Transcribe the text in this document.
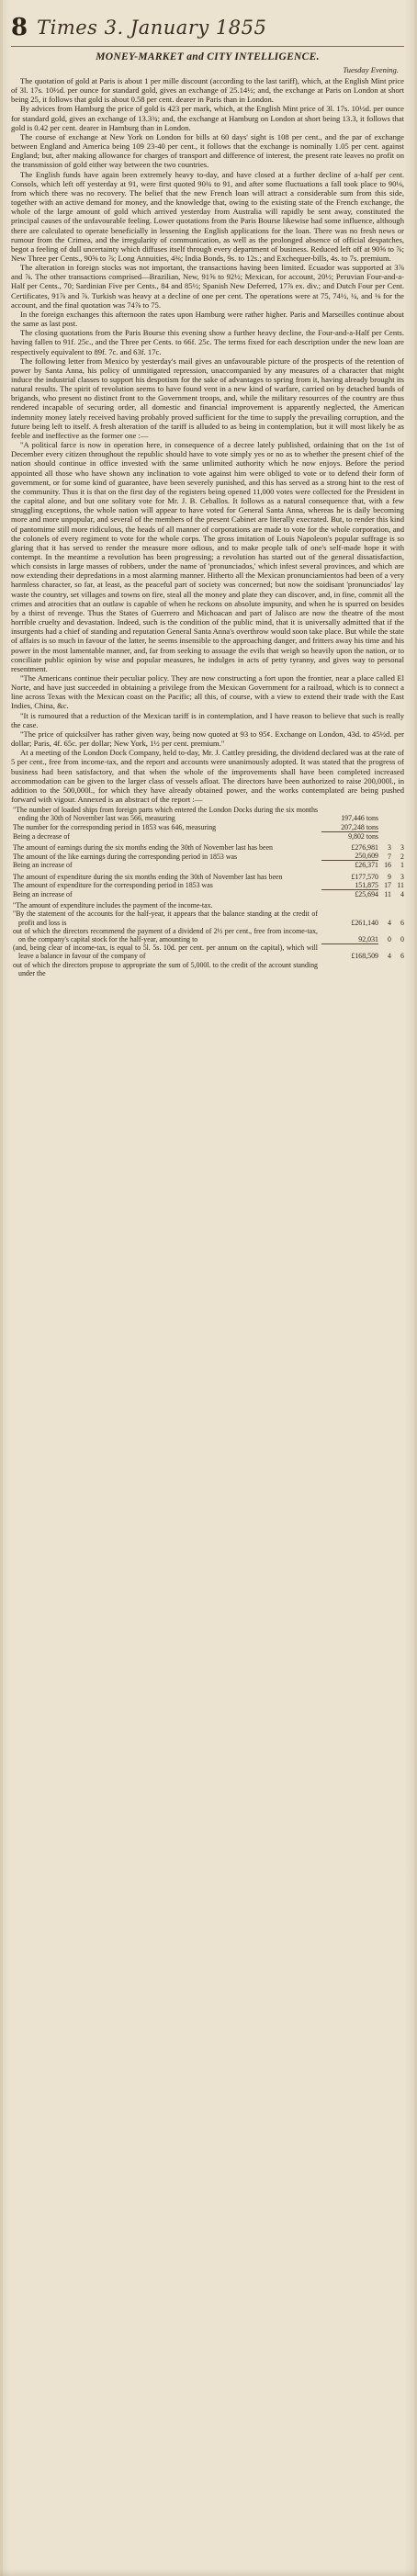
8 Times 3. January 1855
MONEY-MARKET and CITY INTELLIGENCE.
Tuesday Evening.

The quotation of gold at Paris is about 1 per mille discount (according to the last tariff), which, at the English Mint price of 3l. 17s. 10½d. per ounce for standard gold, gives an exchange of 25.14½; and, the exchange at Paris on London at short being 25, it follows that gold is about 0.58 per cent. dearer in Paris than in London.

By advices from Hamburg the price of gold is 423 per mark, which, at the English Mint price of 3l. 17s. 10½d. per ounce for standard gold, gives an exchange of 13.3¾; and, the exchange at Hamburg on London at short being 13.3, it follows that gold is 0.42 per cent. dearer in Hamburg than in London.

The course of exchange at New York on London for bills at 60 days' sight is 108 per cent., and the par of exchange between England and America being 109 23-40 per cent., it follows that the exchange is nominally 1.05 per cent. against England; but, after making allowance for charges of transport and difference of interest, the present rate leaves no profit on the transmission of gold either way between the two countries.

The English funds have again been extremely heavy to-day, and have closed at a further decline of a-half per cent. Consols, which left off yesterday at 91, were first quoted 90¾ to 91, and after some fluctuations a fall took place to 90⅛, from which there was no recovery. The belief that the new French loan will attract a considerable sum from this side, together with an active demand for money, and the knowledge that, owing to the existing state of the French exchange, the whole of the large amount of gold which arrived yesterday from Australia will rapidly be sent away, constituted the principal causes of the unfavourable feeling. Lower quotations from the Paris Bourse likewise had some influence, although there are calculated to operate beneficially in lessening the English applications for the loan. There was no fresh news or rumour from the Crimea, and the irregularity of communication, as well as the prolonged absence of official despatches, begot a feeling of dull uncertainty which diffuses itself through every department of business. Reduced left off at 90⅝ to ⅞; New Three per Cents., 90⅝ to ⅞; Long Annuities, 4⅜; India Bonds, 9s. to 12s.; and Exchequer-bills, 4s. to 7s. premium.

The alteration in foreign stocks was not important, the transactions having been limited. Ecuador was supported at 3⅞ and ⅞. The other transactions comprised—Brazilian, New, 91⅝ to 92½; Mexican, for account, 20½; Peruvian Four-and-a-Half per Cents., 70; Sardinian Five per Cents., 84 and 85½; Spanish New Deferred, 17⅞ ex. div.; and Dutch Four per Cent. Certificates, 91⅞ and ⅞. Turkish was heavy at a decline of one per cent. The operations were at 75, 74½, ¼, and ⅛ for the account, and the final quotation was 74⅞ to 75.

In the foreign exchanges this afternoon the rates upon Hamburg were rather higher. Paris and Marseilles continue about the same as last post.

The closing quotations from the Paris Bourse this evening show a further heavy decline, the Four-and-a-Half per Cents. having fallen to 91f. 25c., and the Three per Cents. to 66f. 25c. The terms fixed for each description under the new loan are respectively equivalent to 89f. 7c. and 63f. 17c.

The following letter from Mexico by yesterday's mail gives an unfavourable picture of the prospects of the retention of power by Santa Anna, his policy of unmitigated repression, unaccompanied by any measures of a character that might induce the industrial classes to support his despotism for the sake of advantages to spring from it, having already brought its natural results. The spirit of revolution seems to have found vent in a new kind of warfare, carried on by detached bands of brigands, who present no distinct front to the Government troops, and, while the military resources of the country are thus rendered incapable of securing order, all domestic and financial improvement is apparently neglected, the American indemnity money lately received having probably proved sufficient for the time to supply the prevailing corruption, and the future being left to itself. A fresh alteration of the tariff is alluded to as being in contemplation, but it will most likely be as feeble and ineffective as the former one :—

"A political farce is now in operation here, in consequence of a decree lately published, ordaining that on the 1st of December every citizen throughout the republic should have to vote simply yes or no as to whether the present chief of the nation should continue in office invested with the same unlimited authority which he now enjoys. Before the period appointed all those who have shown any inclination to vote against him were obliged to vote or to defend their form of government, or for some kind of guarantee, have been severely punished, and this has served as a strong hint to the rest of the community. Thus it is that on the first day of the registers being opened 11,000 votes were collected for the President in the capital alone, and but one solitary vote for Mr. J. B. Ceballos. It follows as a natural consequence that, with a few struggling exceptions, the whole nation will appear to have voted for General Santa Anna, whereas he is daily becoming more and more unpopular, and several of the members of the present Cabinet are literally execrated. But, to render this kind of pantomime still more ridiculous, the heads of all manner of corporations are made to vote for the whole corporation, and the colonels of every regiment to vote for the whole corps. The gross imitation of Louis Napoleon's popular suffrage is so glaring that it has served to render the measure more odious, and to make people talk of one's self-made hope it with contempt. In the meantime a revolution has been progressing; a revolution has started out of the general dissatisfaction, which consists in large masses of robbers, under the name of 'pronunciados,' which infest several provinces, and which are now extending their depredations in a most alarming manner. Hitherto all the Mexican pronunciamientos had been of a very harmless character, so far, at least, as the peaceful part of society was concerned; but now the soidisant 'pronunciados' lay waste the country, set villages and towns on fire, steal all the money and plate they can discover, and, in fine, commit all the crimes and atrocities that an outlaw is capable of when he reckons on absolute impunity, and when he is spurred on besides by a thirst of revenge. Thus the States of Guerrero and Michoacan and part of Jalisco are now the theatre of the most horrible cruelty and devastation. Indeed, such is the condition of the public mind, that it is universally admitted that if the insurgents had a chief of standing and reputation General Santa Anna's overthrow would soon take place. But while the state of affairs is so much in favour of the latter, he seems insensible to the approaching danger, and fritters away his time and his power in the most lamentable manner, and, far from seeking to assuage the evils that weigh so heavily upon the nation, or to conciliate public opinion by wise and popular measures, he indulges in acts of petty tyranny, and gives way to personal resentment.

"The Americans continue their peculiar policy. They are now constructing a fort upon the frontier, near a place called El Norte, and have just succeeded in obtaining a privilege from the Mexican Government for a railroad, which is to connect a line across Texas with the Mexican coast on the Pacific; all this, of course, with a view to extend their trade with the East Indies, China, &c.

"It is rumoured that a reduction of the Mexican tariff is in contemplation, and I have reason to believe that such is really the case.

"The price of quicksilver has rather given way, being now quoted at 93 to 95¢. Exchange on London, 43d. to 45½d. per dollar; Paris, 4f. 65c. per dollar; New York, 1½ per cent. premium."

At a meeting of the London Dock Company, held to-day, Mr. J. Cattley presiding, the dividend declared was at the rate of 5 per cent., free from income-tax, and the report and accounts were unanimously adopted. It was stated that the progress of business had been satisfactory, and that when the whole of the improvements shall have been completed increased accommodation can be given to the larger class of vessels afloat. The directors have been authorized to raise 200,000l., in addition to the 500,000l., for which they have already obtained power, and the works contemplated are being pushed forward with vigour. Annexed is an abstract of the report :—

"The number of loaded ships from foreign parts which entered the London Docks during the six months ending the 30th of November last was 566, measuring	197,446 tons		
The number for the corresponding period in 1853 was 646, measuring	207,248 tons		
Being a decrease of	9,802 tons		

The amount of earnings during the six months ending the 30th of November last has been	£276,981	3	3
The amount of the like earnings during the corresponding period in 1853 was	250,609	7	2
Being an increase of	£26,371	16	1

The amount of expenditure during the six months ending the 30th of November last has been	£177,570	9	3
The amount of expenditure for the corresponding period in 1853 was	151,875	17	11
Being an increase of	£25,694	11	4

"The amount of expenditure includes the payment of the income-tax.			
"By the statement of the accounts for the half-year, it appears that the balance standing at the credit of profit and loss is	£261,140	4	6
out of which the directors recommend the payment of a dividend of 2½ per cent., free from income-tax, on the company's capital stock for the half-year, amounting to	92,031	0	0
(and, being clear of income-tax, is equal to 5l. 5s. 10d. per cent. per annum on the capital), which will leave a balance in favour of the company of	£168,509	4	6
out of which the directors propose to appropriate the sum of 5,000l. to the credit of the account standing under the			
